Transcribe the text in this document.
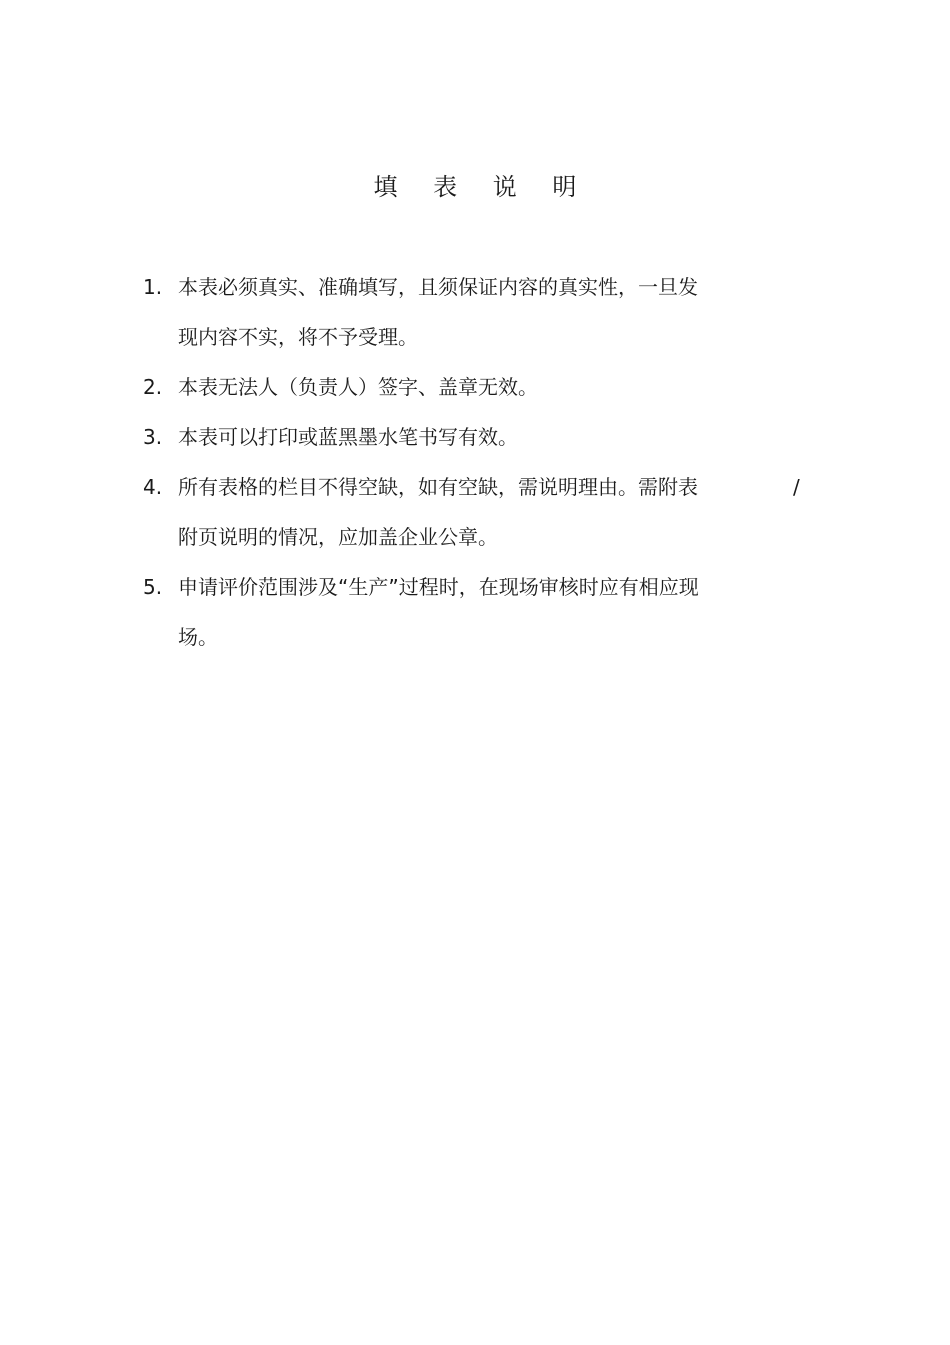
填 表 说 明
1. 本表必须真实、准确填写，且须保证内容的真实性，一旦发
现内容不实，将不予受理。
2. 本表无法人（负责人）签字、盖章无效。
3. 本表可以打印或蓝黑墨水笔书写有效。
4.	/
所有表格的栏目不得空缺，如有空缺，需说明理由。需附表
附页说明的情况，应加盖企业公章。
5. 申请评价范围涉及“生产”过程时，在现场审核时应有相应现
场。
